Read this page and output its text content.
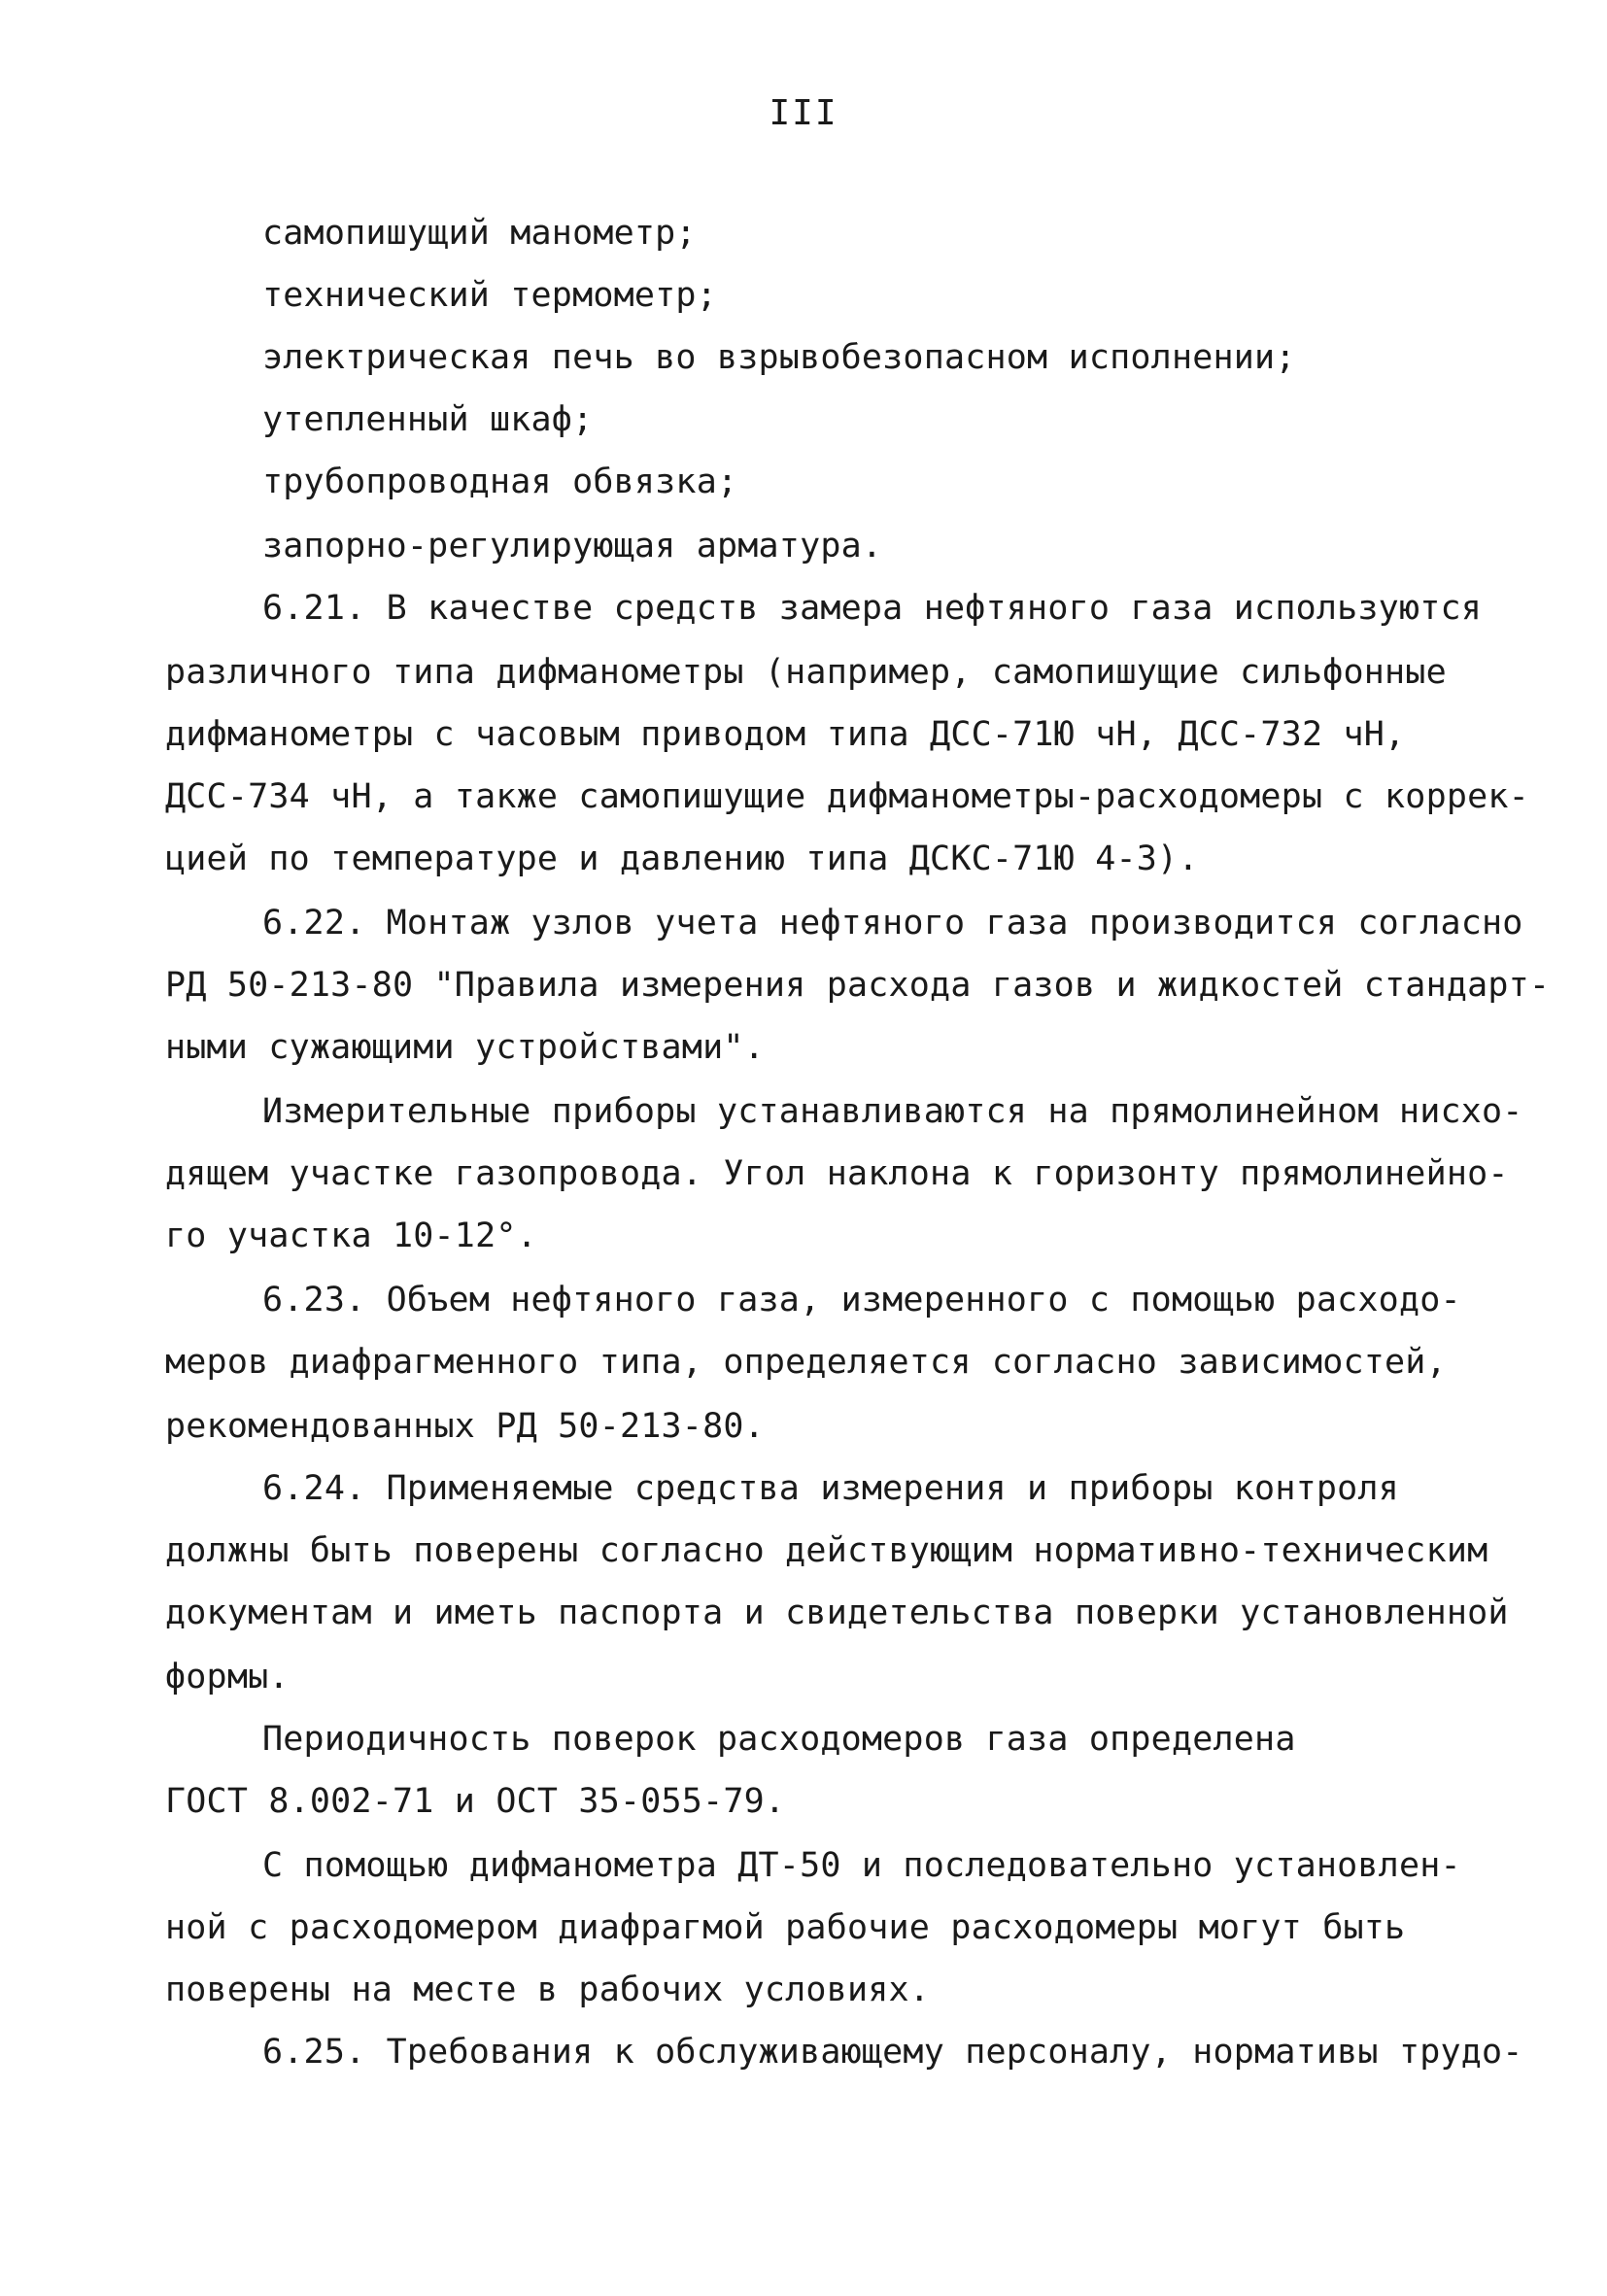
III
самопишущий манометр;
технический термометр;
электрическая печь во взрывобезопасном исполнении;
утепленный шкаф;
трубопроводная обвязка;
запорно-регулирующая арматура.
6.21. В качестве средств замера нефтяного газа используются
различного типа дифманометры (например, самопишущие сильфонные
дифманометры с часовым приводом типа ДСС-71Ю чН, ДСС-732 чН,
ДСС-734 чН, а также самопишущие дифманометры-расходомеры с коррек-
цией по температуре и давлению типа ДСКС-71Ю 4-3).
6.22. Монтаж узлов учета нефтяного газа производится согласно
РД 50-213-80 "Правила измерения расхода газов и жидкостей стандарт-
ными сужающими устройствами".
Измерительные приборы устанавливаются на прямолинейном нисхо-
дящем участке газопровода. Угол наклона к горизонту прямолинейно-
го участка 10-12°.
6.23. Объем нефтяного газа, измеренного с помощью расходо-
меров диафрагменного типа, определяется согласно зависимостей,
рекомендованных РД 50-213-80.
6.24. Применяемые средства измерения и приборы контроля
должны быть поверены согласно действующим нормативно-техническим
документам и иметь паспорта и свидетельства поверки установленной
формы.
Периодичность поверок расходомеров газа определена
ГОСТ 8.002-71 и ОСТ 35-055-79.
С помощью дифманометра ДТ-50 и последовательно установлен-
ной с расходомером диафрагмой рабочие расходомеры могут быть
поверены на месте в рабочих условиях.
6.25. Требования к обслуживающему персоналу, нормативы трудо-
